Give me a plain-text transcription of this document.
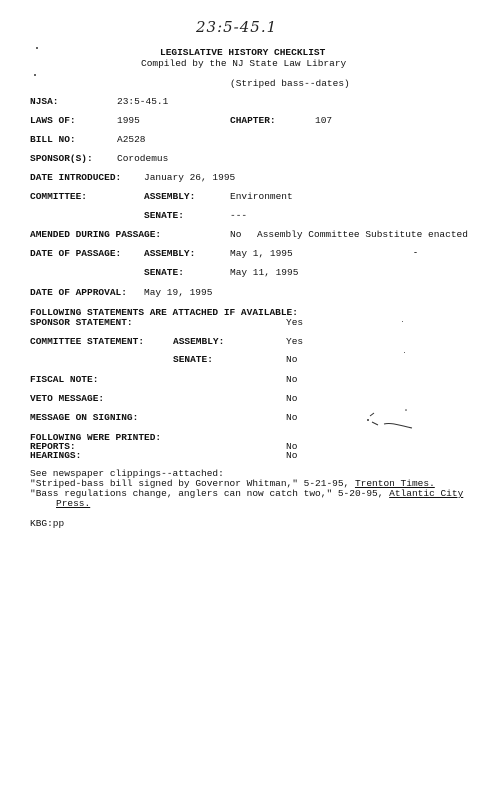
23:5-45.1
LEGISLATIVE HISTORY CHECKLIST
Compiled by the NJ State Law Library
(Striped bass--dates)
NJSA:	23:5-45.1
LAWS OF:	1995	CHAPTER:	107
BILL NO:	A2528
SPONSOR(S):	Corodemus
DATE INTRODUCED: January 26, 1995
COMMITTEE:	ASSEMBLY:	Environment
SENATE:	---
AMENDED DURING PASSAGE:	No Assembly Committee Substitute enacted
DATE OF PASSAGE: ASSEMBLY:	May 1, 1995
SENATE:	May 11, 1995
DATE OF APPROVAL: May 19, 1995
FOLLOWING STATEMENTS ARE ATTACHED IF AVAILABLE:
SPONSOR STATEMENT:	Yes
COMMITTEE STATEMENT:	ASSEMBLY:	Yes
SENATE:	No
FISCAL NOTE:	No
VETO MESSAGE:	No
MESSAGE ON SIGNING:	No
FOLLOWING WERE PRINTED:
REPORTS:	No
HEARINGS:	No
See newspaper clippings--attached:
"Striped-bass bill signed by Governor Whitman," 5-21-95, Trenton Times.
"Bass regulations change, anglers can now catch two," 5-20-95, Atlantic City
Press.
KBG:pp
